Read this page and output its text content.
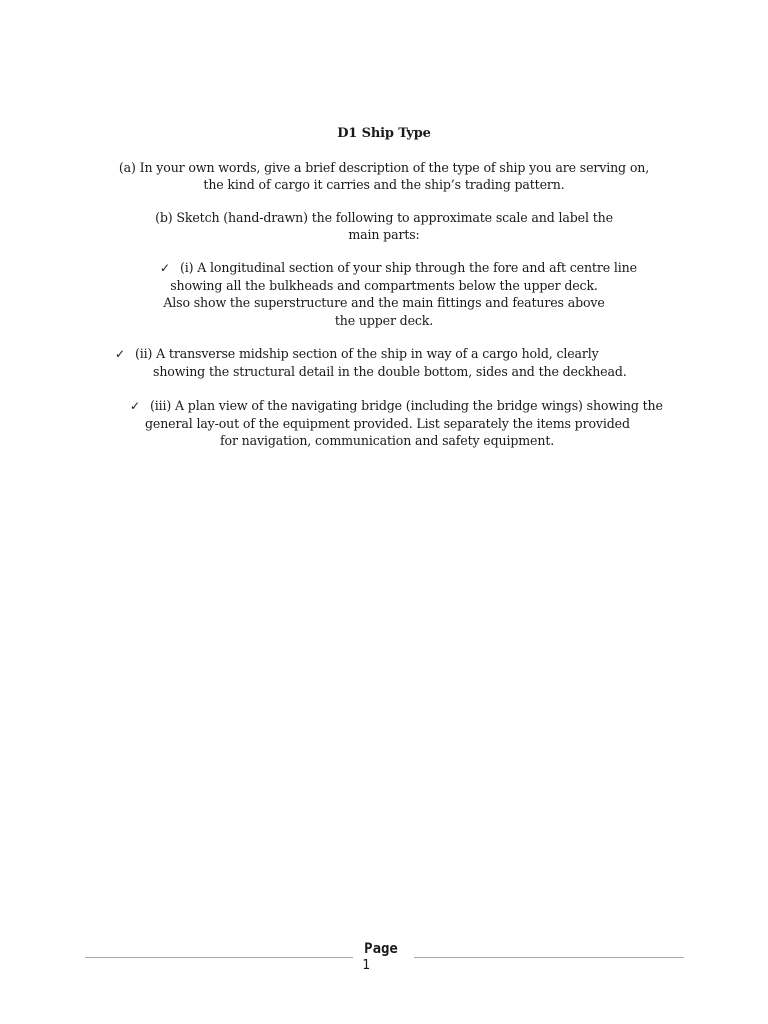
D1 Ship Type
(a) In your own words, give a brief description of the type of ship you are serving on,
the kind of cargo it carries and the ship’s trading pattern.
(b) Sketch (hand-drawn) the following to approximate scale and label the
main parts:
✓ (i) A longitudinal section of your ship through the fore and aft centre line
showing all the bulkheads and compartments below the upper deck.
Also show the superstructure and the main fittings and features above
the upper deck.
✓ (ii) A transverse midship section of the ship in way of a cargo hold, clearly
showing the structural detail in the double bottom, sides and the deckhead.
✓ (iii) A plan view of the navigating bridge (including the bridge wings) showing the
general lay-out of the equipment provided. List separately the items provided
for navigation, communication and safety equipment.
Page
1
